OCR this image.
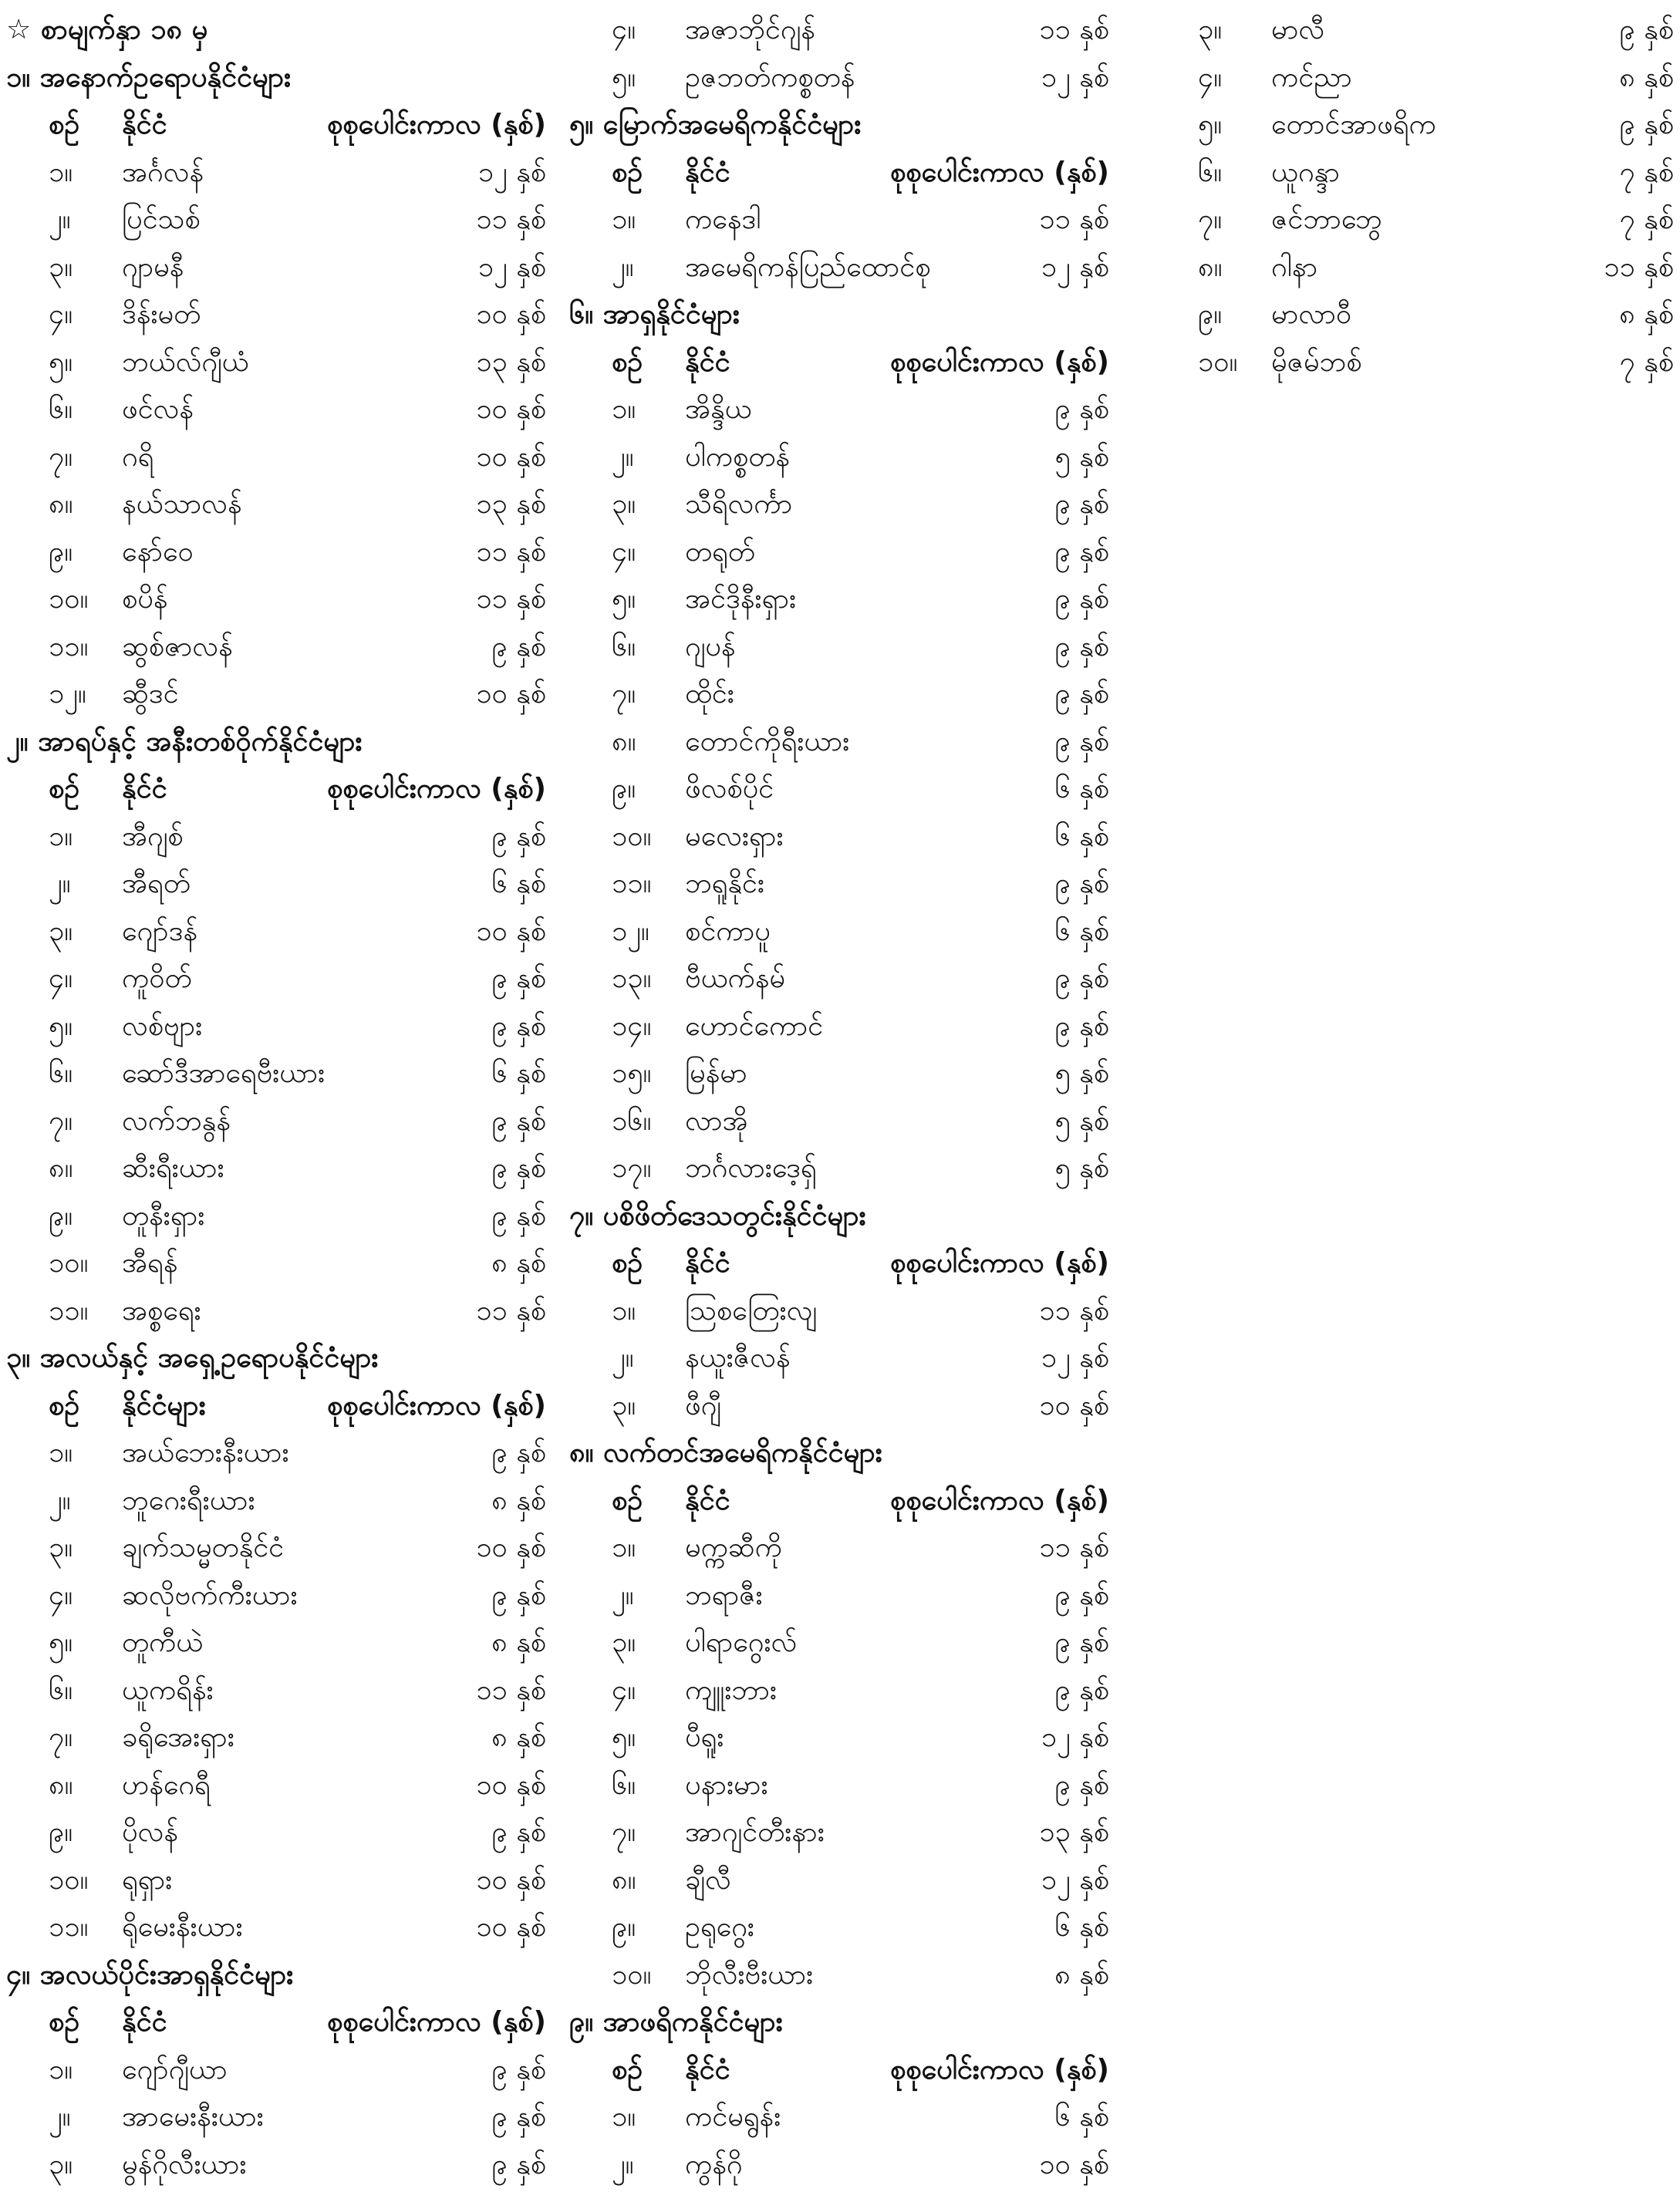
☆ စာမျက်နှာ ၁၈ မှ
၁။ အနောက်ဥရောပနိုင်ငံများ
စဉ် နိုင်ငံ	စုစုပေါင်းကာလ (နှစ်)
၁။ အင်္ဂလန်	၁၂ နှစ်
၂။ ပြင်သစ်	၁၁ နှစ်
၃။ ဂျာမနီ	၁၂ နှစ်
၄။ ဒိန်းမတ်	၁၀ နှစ်
၅။ ဘယ်လ်ဂျီယံ	၁၃ နှစ်
၆။ ဖင်လန်	၁၀ နှစ်
၇။ ဂရိ	၁၀ နှစ်
၈။ နယ်သာလန်	၁၃ နှစ်
၉။ နော်ဝေ	၁၁ နှစ်
၁၀။ စပိန်	၁၁ နှစ်
၁၁။ ဆွစ်ဇာလန်	၉ နှစ်
၁၂။ ဆွီဒင်	၁၀ နှစ်
၂။ အာရပ်နှင့် အနီးတစ်ဝိုက်နိုင်ငံများ
စဉ် နိုင်ငံ	စုစုပေါင်းကာလ (နှစ်)
၁။ အီဂျစ်	၉ နှစ်
၂။ အီရတ်	၆ နှစ်
၃။ ဂျော်ဒန်	၁၀ နှစ်
၄။ ကူဝိတ်	၉ နှစ်
၅။ လစ်ဗျား	၉ နှစ်
၆။ ဆော်ဒီအာရေဗီးယား	၆ နှစ်
၇။ လက်ဘနွန်	၉ နှစ်
၈။ ဆီးရီးယား	၉ နှစ်
၉။ တူနီးရှား	၉ နှစ်
၁၀။ အီရန်	၈ နှစ်
၁၁။ အစ္စရေး	၁၁ နှစ်
၃။ အလယ်နှင့် အရှေ့ဥရောပနိုင်ငံများ
စဉ် နိုင်ငံများ	စုစုပေါင်းကာလ (နှစ်)
၁။ အယ်ဘေးနီးယား	၉ နှစ်
၂။ ဘူဂေးရီးယား	၈ နှစ်
၃။ ချက်သမ္မတနိုင်ငံ	၁၀ နှစ်
၄။ ဆလိုဗက်ကီးယား	၉ နှစ်
၅။ တူကီယဲ	၈ နှစ်
၆။ ယူကရိန်း	၁၁ နှစ်
၇။ ခရိုအေးရှား	၈ နှစ်
၈။ ဟန်ဂေရီ	၁၀ နှစ်
၉။ ပိုလန်	၉ နှစ်
၁၀။ ရုရှား	၁၀ နှစ်
၁၁။ ရိုမေးနီးယား	၁၀ နှစ်
၄။ အလယ်ပိုင်းအာရှနိုင်ငံများ
စဉ် နိုင်ငံ	စုစုပေါင်းကာလ (နှစ်)
၁။ ဂျော်ဂျီယာ	၉ နှစ်
၂။ အာမေးနီးယား	၉ နှစ်
၃။ မွန်ဂိုလီးယား	၉ နှစ်
၄။ အဇာဘိုင်ဂျန်	၁၁ နှစ်
၅။ ဥဇဘတ်ကစ္စတန်	၁၂ နှစ်
၅။ မြောက်အမေရိကနိုင်ငံများ
စဉ် နိုင်ငံ	စုစုပေါင်းကာလ (နှစ်)
၁။ ကနေဒါ	၁၁ နှစ်
၂။ အမေရိကန်ပြည်ထောင်စု	၁၂ နှစ်
၆။ အာရှနိုင်ငံများ
စဉ် နိုင်ငံ	စုစုပေါင်းကာလ (နှစ်)
၁။ အိန္ဒိယ	၉ နှစ်
၂။ ပါကစ္စတန်	၅ နှစ်
၃။ သီရိလင်္ကာ	၉ နှစ်
၄။ တရုတ်	၉ နှစ်
၅။ အင်ဒိုနီးရှား	၉ နှစ်
၆။ ဂျပန်	၉ နှစ်
၇။ ထိုင်း	၉ နှစ်
၈။ တောင်ကိုရီးယား	၉ နှစ်
၉။ ဖိလစ်ပိုင်	၆ နှစ်
၁၀။ မလေးရှား	၆ နှစ်
၁၁။ ဘရူနိုင်း	၉ နှစ်
၁၂။ စင်ကာပူ	၆ နှစ်
၁၃။ ဗီယက်နမ်	၉ နှစ်
၁၄။ ဟောင်ကောင်	၉ နှစ်
၁၅။ မြန်မာ	၅ နှစ်
၁၆။ လာအို	၅ နှစ်
၁၇။ ဘင်္ဂလားဒေ့ရှ်	၅ နှစ်
၇။ ပစိဖိတ်ဒေသတွင်းနိုင်ငံများ
စဉ် နိုင်ငံ	စုစုပေါင်းကာလ (နှစ်)
၁။ ဩစတြေးလျ	၁၁ နှစ်
၂။ နယူးဇီလန်	၁၂ နှစ်
၃။ ဖီဂျီ	၁၀ နှစ်
၈။ လက်တင်အမေရိကနိုင်ငံများ
စဉ် နိုင်ငံ	စုစုပေါင်းကာလ (နှစ်)
၁။ မက္ကဆီကို	၁၁ နှစ်
၂။ ဘရာဇီး	၉ နှစ်
၃။ ပါရာဂွေးလ်	၉ နှစ်
၄။ ကျူးဘား	၉ နှစ်
၅။ ပီရူး	၁၂ နှစ်
၆။ ပနားမား	၉ နှစ်
၇။ အာဂျင်တီးနား	၁၃ နှစ်
၈။ ချီလီ	၁၂ နှစ်
၉။ ဥရုဂွေး	၆ နှစ်
၁၀။ ဘိုလီးဗီးယား	၈ နှစ်
၉။ အာဖရိကနိုင်ငံများ
စဉ် နိုင်ငံ	စုစုပေါင်းကာလ (နှစ်)
၁။ ကင်မရွန်း	၆ နှစ်
၂။ ကွန်ဂို	၁၀ နှစ်
၃။ မာလီ	၉ နှစ်
၄။ ကင်ညာ	၈ နှစ်
၅။ တောင်အာဖရိက	၉ နှစ်
၆။ ယူဂန္ဒာ	၇ နှစ်
၇။ ဇင်ဘာဘွေ	၇ နှစ်
၈။ ဂါနာ	၁၁ နှစ်
၉။ မာလာဝီ	၈ နှစ်
၁၀။ မိုဇမ်ဘစ်	၇ နှစ်
